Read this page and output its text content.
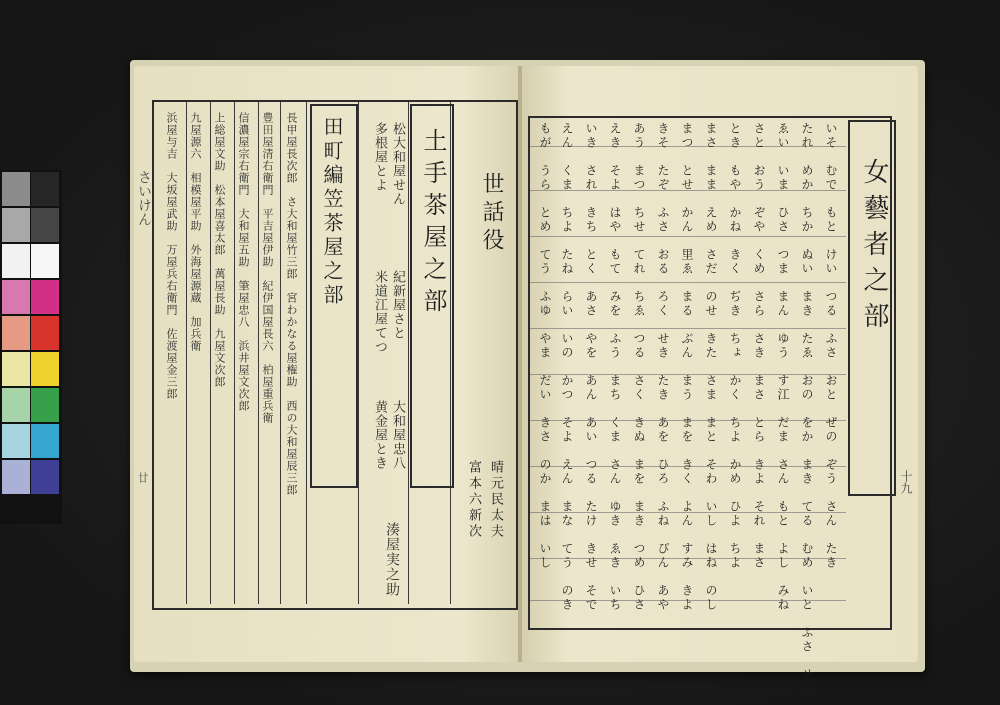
世話役
晴元民太夫
富本六新次
土手茶屋之部
田町編笠茶屋之部	松大和屋せん
多根屋とよ
紀新屋さと
米道江屋てつ
大和屋忠八
黄金屋とき
湊屋実之助
長甲屋長次郎　さ大和屋竹三郎　宮わかなる屋権助　西の大和屋辰三郎
豊田屋清右衛門　平吉屋伊助　紀伊国屋長六　柏屋重兵衛
信濃屋宗右衛門　大和屋五助　筆屋忠八　浜井屋文次郎
上総屋文助　松本屋喜太郎　萬屋長助　九屋文次郎
九屋源六　相模屋平助　外海屋源蔵　加兵衛
浜屋与吉　大坂屋武助　万屋兵右衛門　佐渡屋金三郎
さいけん
廿
女藝者之部
十九
いそ　むで　もと　けい　つる　ふさ　おと　ぜの　ぞう　さん　たき
たれ　めか　ちか　ぬい　まき　たゑ　おの　をか　まき　てる　むめ　いと　ふさ　せん
ゑい　いま　ひさ　つま　まん　ゆう　す江　だま　さん　もと　よし　みね
さと　おう　ぞや　くめ　さら　さき　まさ　とら　きよ　それ　まさ
とき　もや　かね　きく　ぢき　ちょ　かく　ちよ　かめ　ひよ　ちよ
まさ　まま　えめ　さだ　のせ　きた　さま　まと　そわ　いし　はね　のし
まつ　とせ　かん　里ゑ　まる　ぶん　まう　まを　きく　よん　すみ　きよ
きそ　たぞ　ふさ　おる　ろく　せき　たき　あを　ひろ　ふね　ぴん　あや
あう　まつ　ちせ　てれ　ちゑ　つる　さく　きぬ　まを　まき　つめ　ひさ
えき　そよ　はや　もて　みを　ふう　まち　くま　さん　ゆき　ゑき　いち
いき　され　きち　とく　あさ　やを　あん　あい　つる　たけ　きせ　そで
えん　くま　ちよ　たね　らい　いの　かつ　そよ　えん　まな　てう　のき
もが　うら　とめ　てう　ふゆ　やま　だい　きさ　のか　まは　いし
